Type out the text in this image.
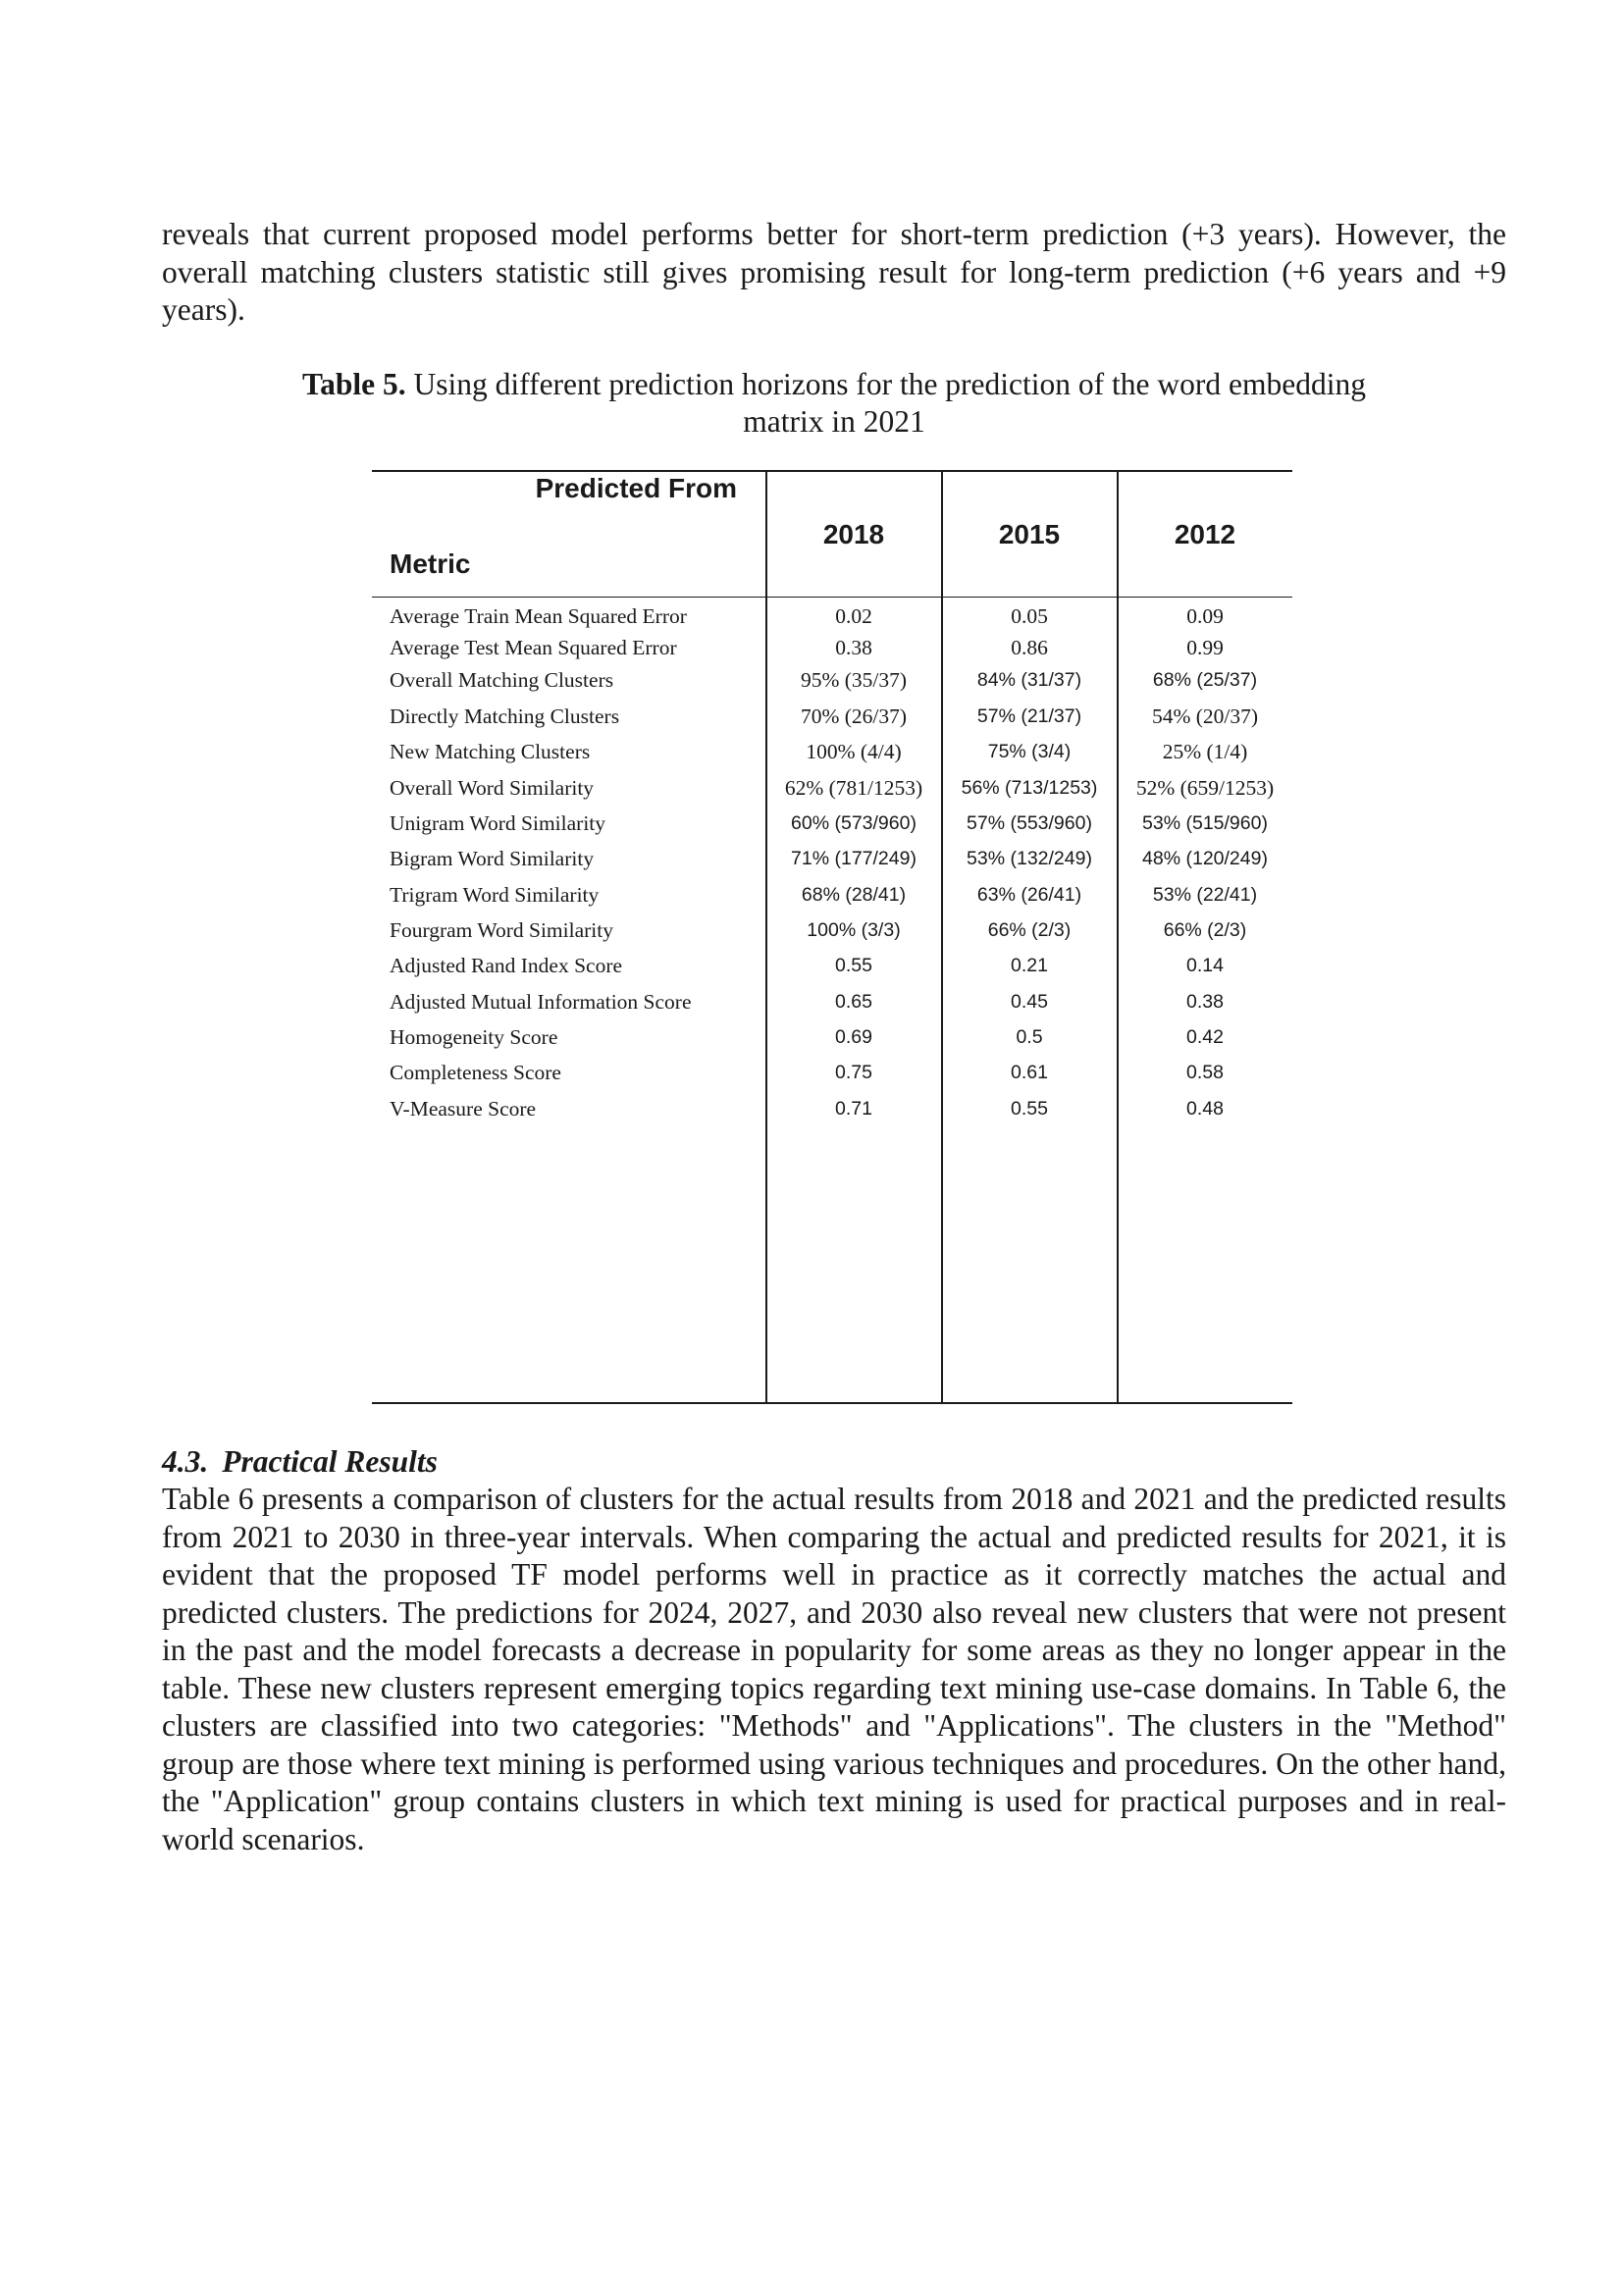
reveals that current proposed model performs better for short-term prediction (+3 years). However, the overall matching clusters statistic still gives promising result for long-term prediction (+6 years and +9 years).

Table 5. Using different prediction horizons for the prediction of the word embedding matrix in 2021

Predicted From
Metric
2018	2015	2012
Average Train Mean Squared Error	0.02	0.05	0.09
Average Test Mean Squared Error	0.38	0.86	0.99
Overall Matching Clusters	95% (35/37)	84% (31/37)	68% (25/37)
Directly Matching Clusters	70% (26/37)	57% (21/37)	54% (20/37)
New Matching Clusters	100% (4/4)	75% (3/4)	25% (1/4)
Overall Word Similarity	62% (781/1253)	56% (713/1253)	52% (659/1253)
Unigram Word Similarity	60% (573/960)	57% (553/960)	53% (515/960)
Bigram Word Similarity	71% (177/249)	53% (132/249)	48% (120/249)
Trigram Word Similarity	68% (28/41)	63% (26/41)	53% (22/41)
Fourgram Word Similarity	100% (3/3)	66% (2/3)	66% (2/3)
Adjusted Rand Index Score	0.55	0.21	0.14
Adjusted Mutual Information Score	0.65	0.45	0.38
Homogeneity Score	0.69	0.5	0.42
Completeness Score	0.75	0.61	0.58
V-Measure Score	0.71	0.55	0.48
4.3. Practical Results

Table 6 presents a comparison of clusters for the actual results from 2018 and 2021 and the predicted results from 2021 to 2030 in three-year intervals. When comparing the actual and predicted results for 2021, it is evident that the proposed TF model performs well in practice as it correctly matches the actual and predicted clusters. The predictions for 2024, 2027, and 2030 also reveal new clusters that were not present in the past and the model forecasts a decrease in popularity for some areas as they no longer appear in the table. These new clusters represent emerging topics regarding text mining use-case domains. In Table 6, the clusters are classified into two categories: "Methods" and "Applications". The clusters in the "Method" group are those where text mining is performed using various techniques and procedures. On the other hand, the "Application" group contains clusters in which text mining is used for practical purposes and in real-world scenarios.
